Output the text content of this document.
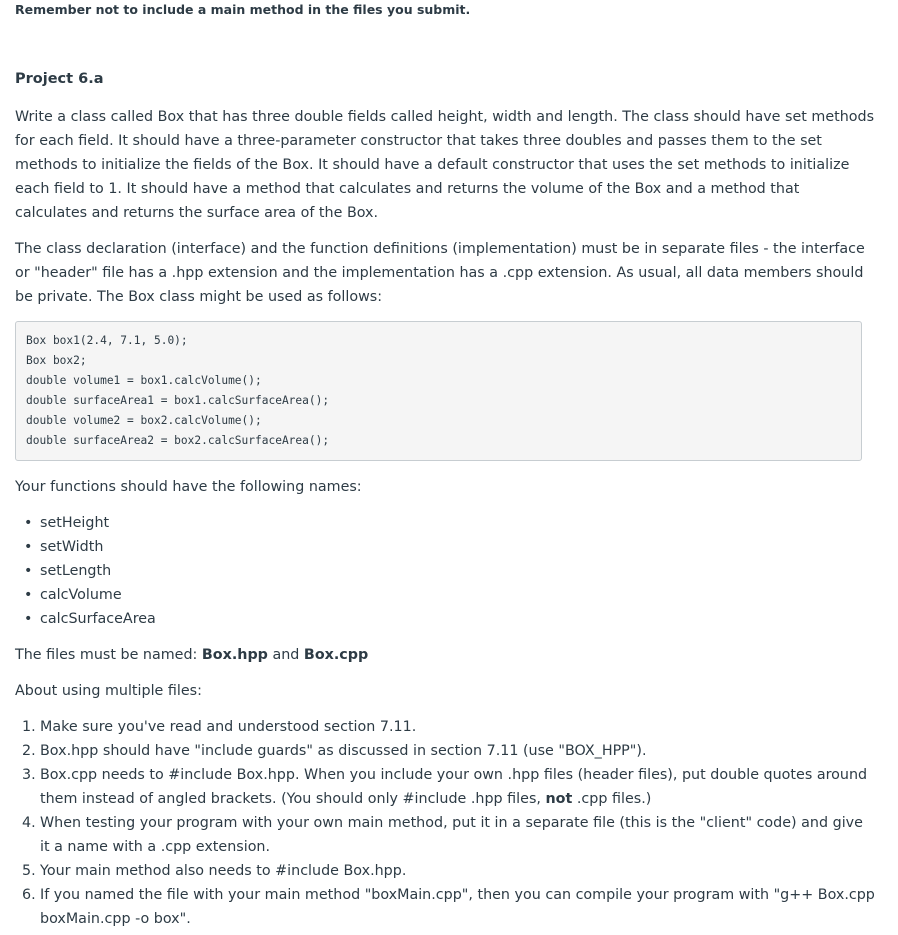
Remember not to include a main method in the files you submit.
Project 6.a

Write a class called Box that has three double fields called height, width and length. The class should have set methods for each field. It should have a three-parameter constructor that takes three doubles and passes them to the set methods to initialize the fields of the Box. It should have a default constructor that uses the set methods to initialize each field to 1. It should have a method that calculates and returns the volume of the Box and a method that calculates and returns the surface area of the Box.

The class declaration (interface) and the function definitions (implementation) must be in separate files - the interface or "header" file has a .hpp extension and the implementation has a .cpp extension. As usual, all data members should be private. The Box class might be used as follows:

Box box1(2.4, 7.1, 5.0);
Box box2;
double volume1 = box1.calcVolume();
double surfaceArea1 = box1.calcSurfaceArea();
double volume2 = box2.calcVolume();
double surfaceArea2 = box2.calcSurfaceArea();

Your functions should have the following names:

• setHeight
• setWidth
• setLength
• calcVolume
• calcSurfaceArea

The files must be named: Box.hpp and Box.cpp

About using multiple files:

1. Make sure you've read and understood section 7.11.
2. Box.hpp should have "include guards" as discussed in section 7.11 (use "BOX_HPP").
3. Box.cpp needs to #include Box.hpp. When you include your own .hpp files (header files), put double quotes around them instead of angled brackets. (You should only #include .hpp files, not .cpp files.)
4. When testing your program with your own main method, put it in a separate file (this is the "client" code) and give it a name with a .cpp extension.
5. Your main method also needs to #include Box.hpp.
6. If you named the file with your main method "boxMain.cpp", then you can compile your program with "g++ Box.cpp boxMain.cpp -o box".
